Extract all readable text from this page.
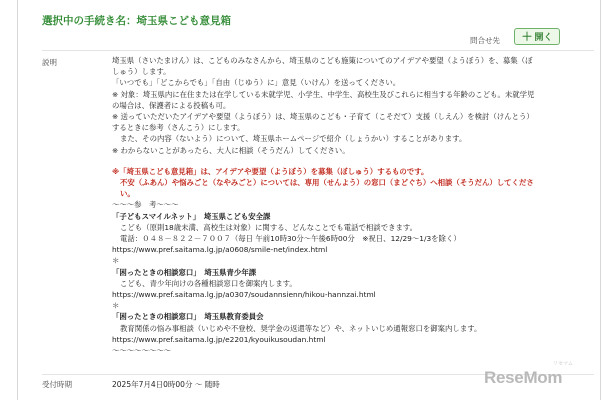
選択中の手続き名：埼玉県こども意見箱
問合せ先 ＋ 開く
説明	埼玉県（さいたまけん）は、こどものみなさんから、埼玉県のこども施策についてのアイデアや要望（ようぼう）を、募集（ぼ
しゅう）します。
「いつでも」「どこからでも」「自由（じゆう）に」意見（いけん）を送ってください。
※ 対象：埼玉県内に在住または在学している未就学児、小学生、中学生、高校生及びこれらに相当する年齢のこども。未就学児
の場合は、保護者による投稿も可。
※ 送っていただいたアイデアや要望（ようぼう）は、埼玉県のこども・子育て（こそだて）支援（しえん）を検討（けんとう）
するときに参考（さんこう）にします。
また、その内容（ないよう）について、埼玉県ホームページで紹介（しょうかい）することがあります。
※ わからないことがあったら、大人に相談（そうだん）してください。
※「埼玉県こども意見箱」は、アイデアや要望（ようぼう）を募集（ぼしゅう）するものです。
不安（ふあん）や悩みごと（なやみごと）については、専用（せんよう）の窓口（まどぐち）へ相談（そうだん）してくださ
い。
～～～参　考～～～
「子どもスマイルネット」　埼玉県こども安全課
こども（原則18歳未満、高校生は対象）に関する、どんなことでも電話で相談できます。
電話：０４８－８２２－７００７（毎日 午前10時30分～午後6時00分　※祝日、12/29～1/3を除く）
https://www.pref.saitama.lg.jp/a0608/smile-net/index.html
＊
「困ったときの相談窓口」　埼玉県青少年課
こども、青少年向けの各種相談窓口を御案内します。
https://www.pref.saitama.lg.jp/a0307/soudannsienn/hikou-hannzai.html
＊
「困ったときの相談窓口」　埼玉県教育委員会
教育関係の悩み事相談（いじめや不登校、奨学金の返還等など）や、ネットいじめ通報窓口を御案内します。
https://www.pref.saitama.lg.jp/e2201/kyouikusoudan.html
～～～～～～～～
受付時期	2025年7月4日0時00分 ～ 随時	ReseMom
リセマム
